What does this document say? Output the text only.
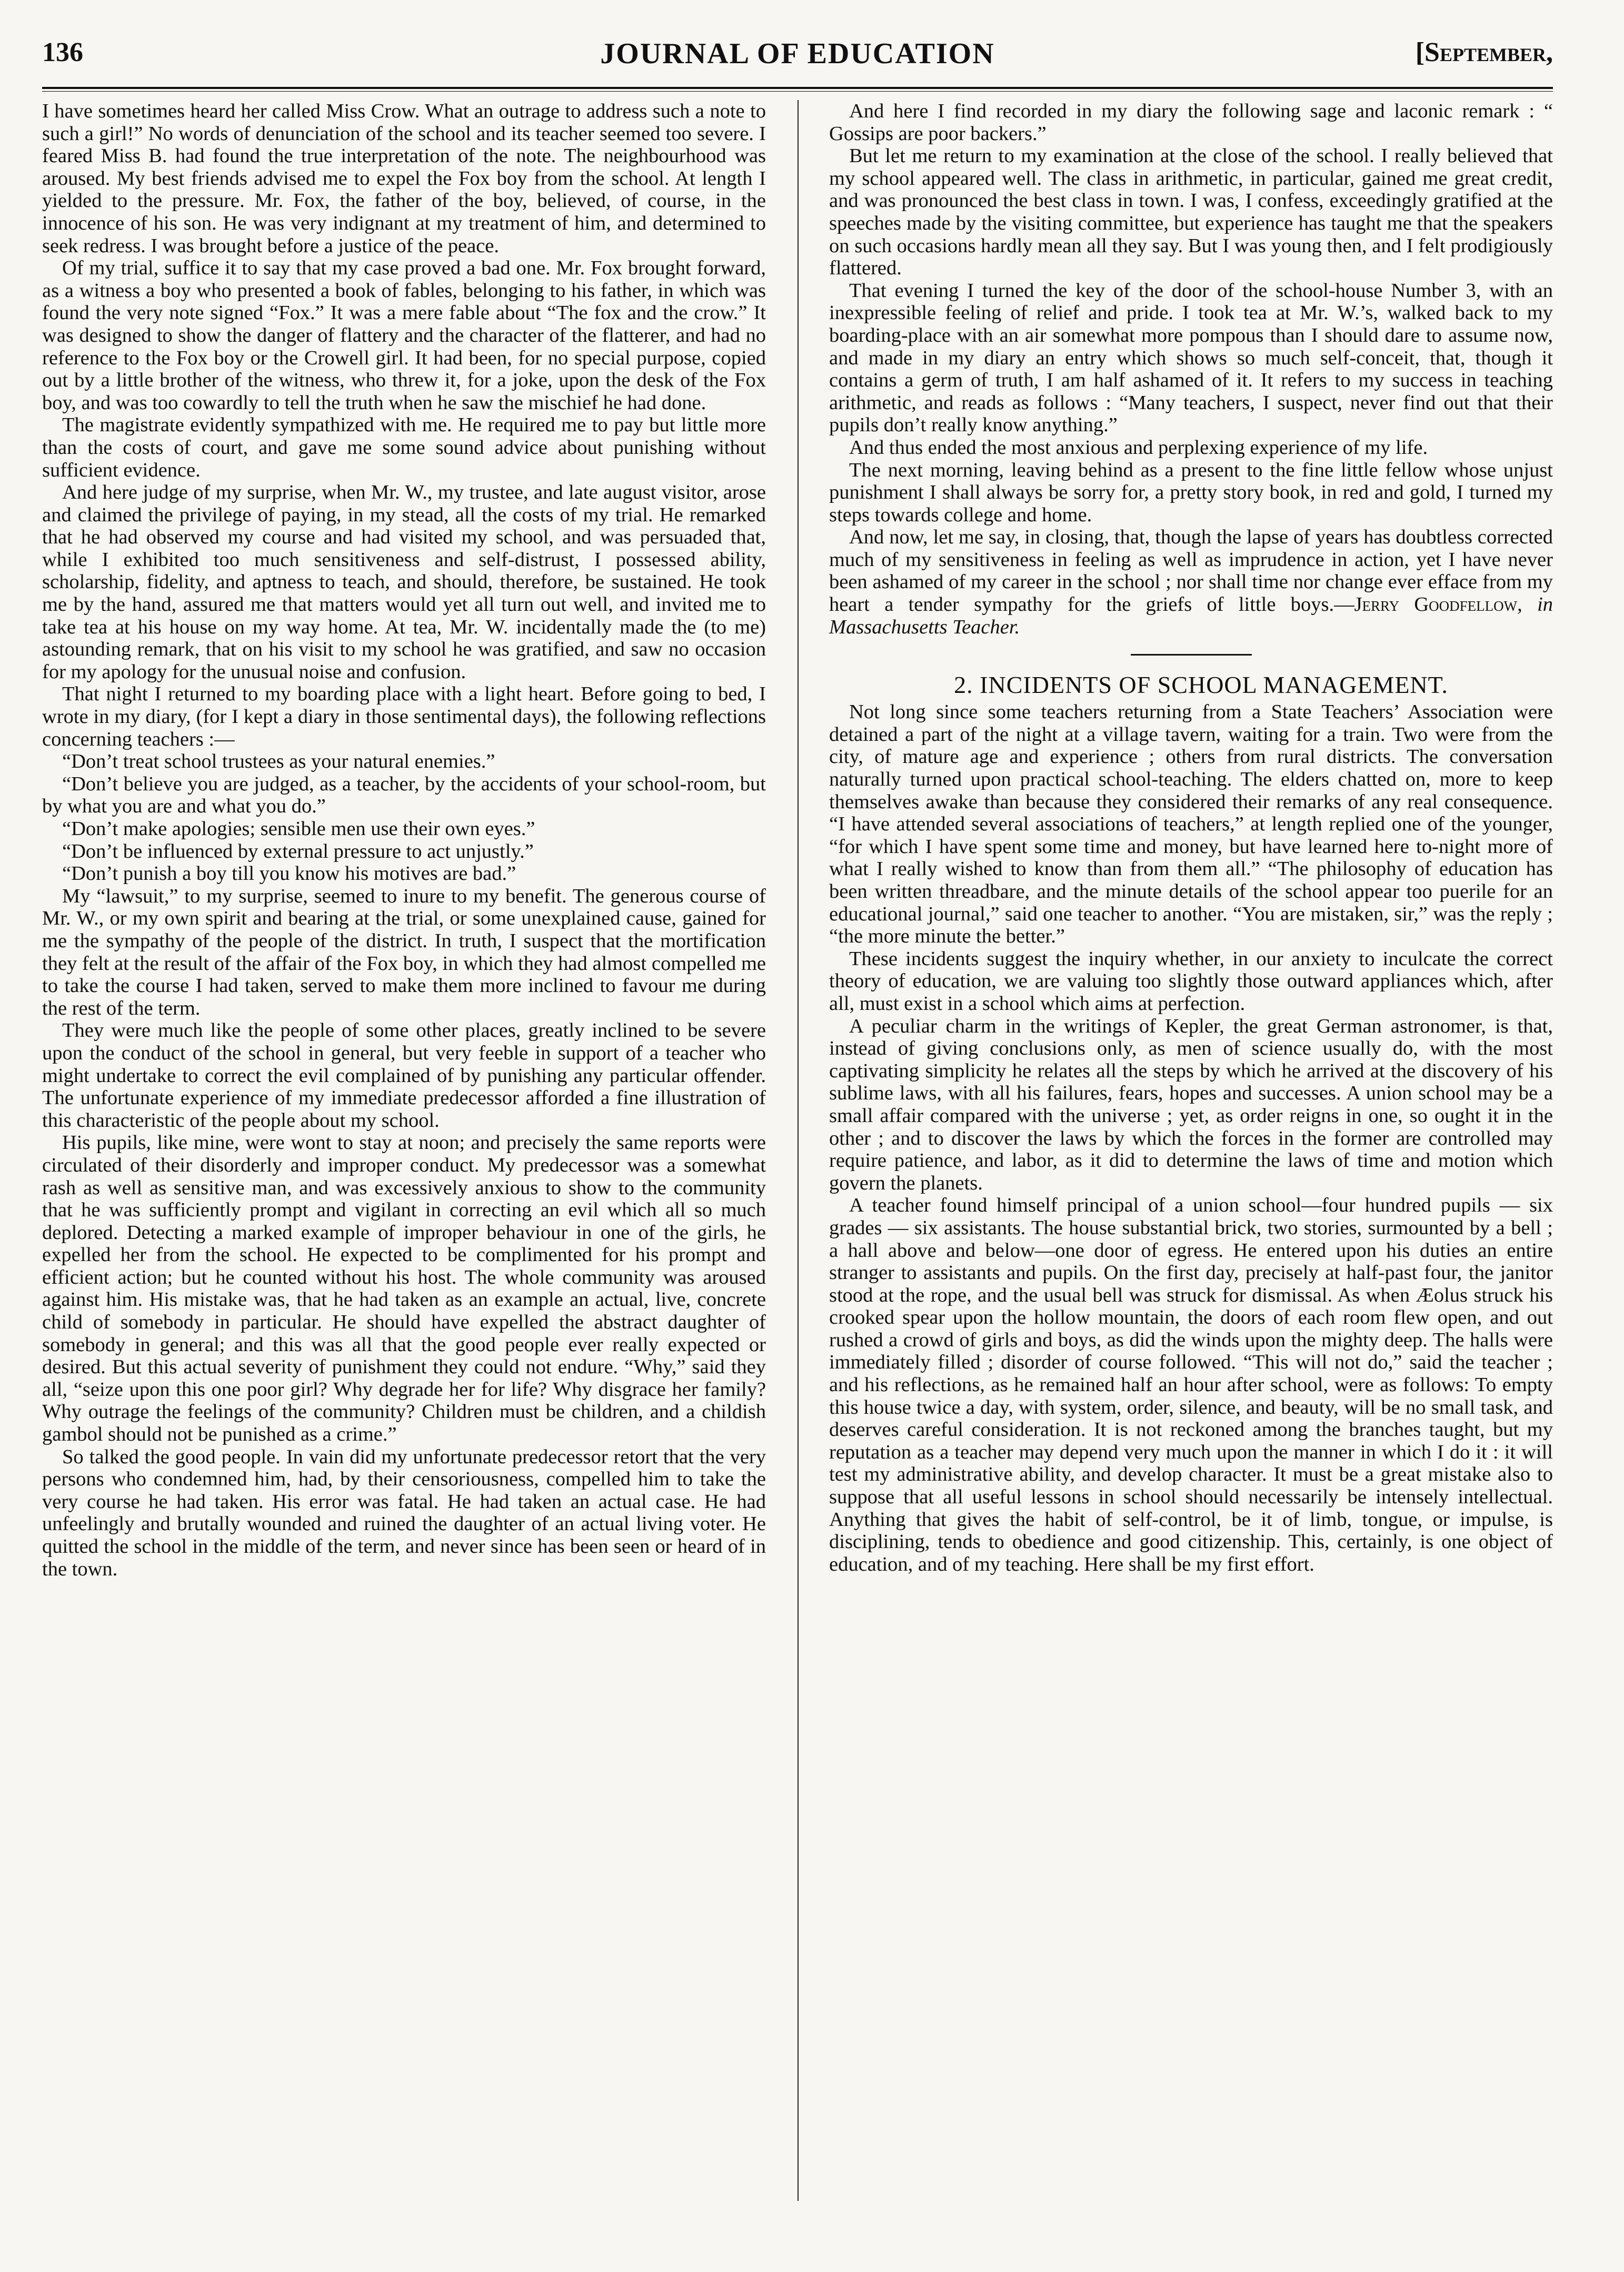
136	JOURNAL OF EDUCATION	[September,

I have sometimes heard her called Miss Crow. What an outrage to address such a note to such a girl!” No words of denunciation of the school and its teacher seemed too severe. I feared Miss B. had found the true interpretation of the note. The neighbourhood was aroused. My best friends advised me to expel the Fox boy from the school. At length I yielded to the pressure. Mr. Fox, the father of the boy, believed, of course, in the innocence of his son. He was very indignant at my treatment of him, and determined to seek redress. I was brought before a justice of the peace.

Of my trial, suffice it to say that my case proved a bad one. Mr. Fox brought forward, as a witness a boy who presented a book of fables, belonging to his father, in which was found the very note signed “Fox.” It was a mere fable about “The fox and the crow.” It was designed to show the danger of flattery and the character of the flatterer, and had no reference to the Fox boy or the Crowell girl. It had been, for no special purpose, copied out by a little brother of the witness, who threw it, for a joke, upon the desk of the Fox boy, and was too cowardly to tell the truth when he saw the mischief he had done.

The magistrate evidently sympathized with me. He required me to pay but little more than the costs of court, and gave me some sound advice about punishing without sufficient evidence.

And here judge of my surprise, when Mr. W., my trustee, and late august visitor, arose and claimed the privilege of paying, in my stead, all the costs of my trial. He remarked that he had observed my course and had visited my school, and was persuaded that, while I exhibited too much sensitiveness and self-distrust, I possessed ability, scholarship, fidelity, and aptness to teach, and should, therefore, be sustained. He took me by the hand, assured me that matters would yet all turn out well, and invited me to take tea at his house on my way home. At tea, Mr. W. incidentally made the (to me) astounding remark, that on his visit to my school he was gratified, and saw no occasion for my apology for the unusual noise and confusion.

That night I returned to my boarding place with a light heart. Before going to bed, I wrote in my diary, (for I kept a diary in those sentimental days), the following reflections concerning teachers :—

“Don’t treat school trustees as your natural enemies.”

“Don’t believe you are judged, as a teacher, by the accidents of your school-room, but by what you are and what you do.”

“Don’t make apologies; sensible men use their own eyes.”

“Don’t be influenced by external pressure to act unjustly.”

“Don’t punish a boy till you know his motives are bad.”

My “lawsuit,” to my surprise, seemed to inure to my benefit. The generous course of Mr. W., or my own spirit and bearing at the trial, or some unexplained cause, gained for me the sympathy of the people of the district. In truth, I suspect that the mortification they felt at the result of the affair of the Fox boy, in which they had almost compelled me to take the course I had taken, served to make them more inclined to favour me during the rest of the term.

They were much like the people of some other places, greatly inclined to be severe upon the conduct of the school in general, but very feeble in support of a teacher who might undertake to correct the evil complained of by punishing any particular offender. The unfortunate experience of my immediate predecessor afforded a fine illustration of this characteristic of the people about my school.

His pupils, like mine, were wont to stay at noon; and precisely the same reports were circulated of their disorderly and improper conduct. My predecessor was a somewhat rash as well as sensitive man, and was excessively anxious to show to the community that he was sufficiently prompt and vigilant in correcting an evil which all so much deplored. Detecting a marked example of improper behaviour in one of the girls, he expelled her from the school. He expected to be complimented for his prompt and efficient action; but he counted without his host. The whole community was aroused against him. His mistake was, that he had taken as an example an actual, live, concrete child of somebody in particular. He should have expelled the abstract daughter of somebody in general; and this was all that the good people ever really expected or desired. But this actual severity of punishment they could not endure. “Why,” said they all, “seize upon this one poor girl? Why degrade her for life? Why disgrace her family? Why outrage the feelings of the community? Children must be children, and a childish gambol should not be punished as a crime.”

So talked the good people. In vain did my unfortunate predecessor retort that the very persons who condemned him, had, by their censoriousness, compelled him to take the very course he had taken. His error was fatal. He had taken an actual case. He had unfeelingly and brutally wounded and ruined the daughter of an actual living voter. He quitted the school in the middle of the term, and never since has been seen or heard of in the town.

And here I find recorded in my diary the following sage and laconic remark : “ Gossips are poor backers.”

But let me return to my examination at the close of the school. I really believed that my school appeared well. The class in arithmetic, in particular, gained me great credit, and was pronounced the best class in town. I was, I confess, exceedingly gratified at the speeches made by the visiting committee, but experience has taught me that the speakers on such occasions hardly mean all they say. But I was young then, and I felt prodigiously flattered.

That evening I turned the key of the door of the school-house Number 3, with an inexpressible feeling of relief and pride. I took tea at Mr. W.’s, walked back to my boarding-place with an air somewhat more pompous than I should dare to assume now, and made in my diary an entry which shows so much self-conceit, that, though it contains a germ of truth, I am half ashamed of it. It refers to my success in teaching arithmetic, and reads as follows : “Many teachers, I suspect, never find out that their pupils don’t really know anything.”

And thus ended the most anxious and perplexing experience of my life.

The next morning, leaving behind as a present to the fine little fellow whose unjust punishment I shall always be sorry for, a pretty story book, in red and gold, I turned my steps towards college and home.

And now, let me say, in closing, that, though the lapse of years has doubtless corrected much of my sensitiveness in feeling as well as imprudence in action, yet I have never been ashamed of my career in the school ; nor shall time nor change ever efface from my heart a tender sympathy for the griefs of little boys.—Jerry Goodfellow, in Massachusetts Teacher.

2. INCIDENTS OF SCHOOL MANAGEMENT.

Not long since some teachers returning from a State Teachers’ Association were detained a part of the night at a village tavern, waiting for a train. Two were from the city, of mature age and experience ; others from rural districts. The conversation naturally turned upon practical school-teaching. The elders chatted on, more to keep themselves awake than because they considered their remarks of any real consequence. “I have attended several associations of teachers,” at length replied one of the younger, “for which I have spent some time and money, but have learned here to-night more of what I really wished to know than from them all.” “The philosophy of education has been written threadbare, and the minute details of the school appear too puerile for an educational journal,” said one teacher to another. “You are mistaken, sir,” was the reply ; “the more minute the better.”

These incidents suggest the inquiry whether, in our anxiety to inculcate the correct theory of education, we are valuing too slightly those outward appliances which, after all, must exist in a school which aims at perfection.

A peculiar charm in the writings of Kepler, the great German astronomer, is that, instead of giving conclusions only, as men of science usually do, with the most captivating simplicity he relates all the steps by which he arrived at the discovery of his sublime laws, with all his failures, fears, hopes and successes. A union school may be a small affair compared with the universe ; yet, as order reigns in one, so ought it in the other ; and to discover the laws by which the forces in the former are controlled may require patience, and labor, as it did to determine the laws of time and motion which govern the planets.

A teacher found himself principal of a union school—four hundred pupils — six grades — six assistants. The house substantial brick, two stories, surmounted by a bell ; a hall above and below—one door of egress. He entered upon his duties an entire stranger to assistants and pupils. On the first day, precisely at half-past four, the janitor stood at the rope, and the usual bell was struck for dismissal. As when Æolus struck his crooked spear upon the hollow mountain, the doors of each room flew open, and out rushed a crowd of girls and boys, as did the winds upon the mighty deep. The halls were immediately filled ; disorder of course followed. “This will not do,” said the teacher ; and his reflections, as he remained half an hour after school, were as follows: To empty this house twice a day, with system, order, silence, and beauty, will be no small task, and deserves careful consideration. It is not reckoned among the branches taught, but my reputation as a teacher may depend very much upon the manner in which I do it : it will test my administrative ability, and develop character. It must be a great mistake also to suppose that all useful lessons in school should necessarily be intensely intellectual. Anything that gives the habit of self-control, be it of limb, tongue, or impulse, is disciplining, tends to obedience and good citizenship. This, certainly, is one object of education, and of my teaching. Here shall be my first effort.
